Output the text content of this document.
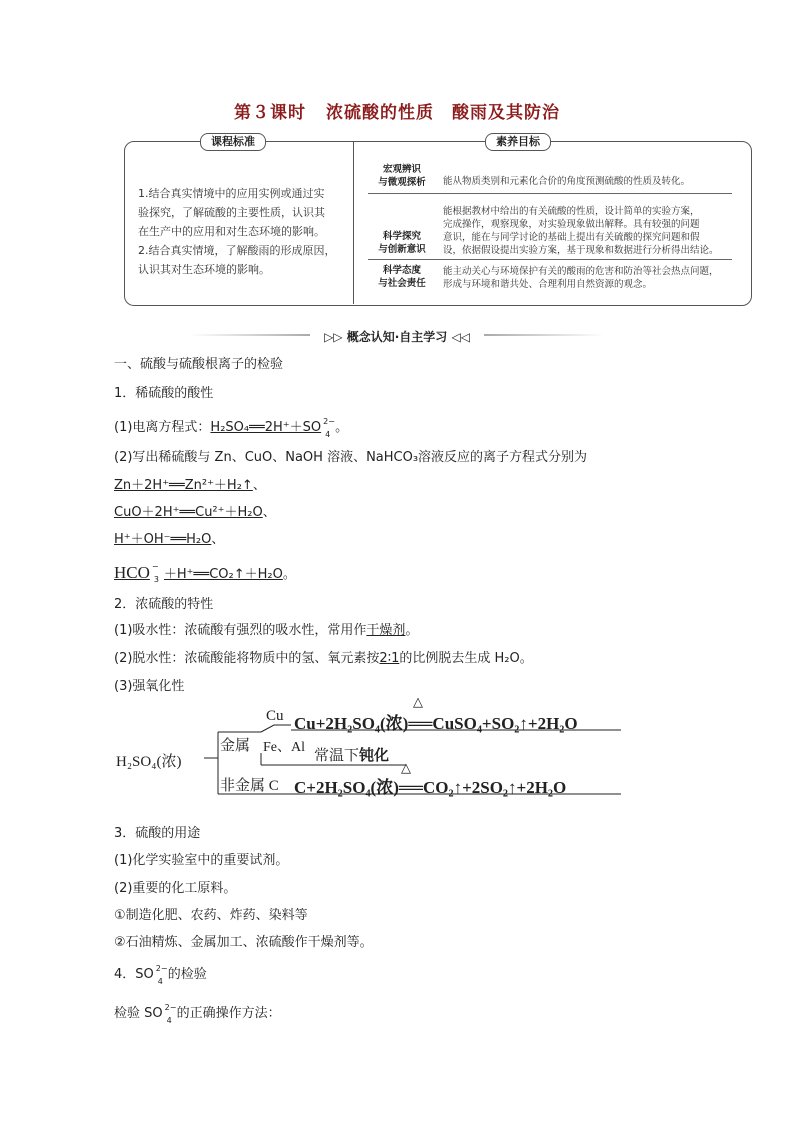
第３课时 浓硫酸的性质　酸雨及其防治
课程标准	素养目标
1.结合真实情境中的应用实例或通过实
验探究，了解硫酸的主要性质，认识其
在生产中的应用和对生态环境的影响。
2.结合真实情境，了解酸雨的形成原因，
认识其对生态环境的影响。
宏观辨识
与微观探析	能从物质类别和元素化合价的角度预测硫酸的性质及转化。
科学探究
与创新意识
能根据教材中给出的有关硫酸的性质，设计简单的实验方案，
完成操作，观察现象，对实验现象做出解释。具有较强的问题
意识，能在与同学讨论的基础上提出有关硫酸的探究问题和假
设，依据假设提出实验方案，基于现象和数据进行分析得出结论。
科学态度
与社会责任
能主动关心与环境保护有关的酸雨的危害和防治等社会热点问题，
形成与环境和谐共处、合理利用自然资源的观念。
▷▷ 概念认知·自主学习 ◁◁
一、硫酸与硫酸根离子的检验
1．稀硫酸的酸性
(1)电离方程式：H₂SO₄══2H⁺＋SO 2−
4 。
(2)写出稀硫酸与 Zn、CuO、NaOH 溶液、NaHCO₃溶液反应的离子方程式分别为
Zn＋2H⁺══Zn²⁺＋H₂↑、
CuO＋2H⁺══Cu²⁺＋H₂O、
H⁺＋OH⁻══H₂O、
HCO −
3 ＋H⁺══CO₂↑＋H₂O。
2．浓硫酸的特性
(1)吸水性：浓硫酸有强烈的吸水性，常用作干燥剂。
(2)脱水性：浓硫酸能将物质中的氢、氧元素按2∶1的比例脱去生成 H₂O。
(3)强氧化性
H₂SO₄(浓)
Cu Cu+2H₂SO₄(浓)══CuSO₄+SO₂↑+2H₂O
△
金属 Fe、Al 常温下钝化
非金属 C C+2H₂SO₄(浓)══CO₂↑+2SO₂↑+2H₂O
△
3．硫酸的用途
(1)化学实验室中的重要试剂。
(2)重要的化工原料。
①制造化肥、农药、炸药、染料等
②石油精炼、金属加工、浓硫酸作干燥剂等。
4．SO 2−
4 的检验
检验 SO 2−
4 的正确操作方法：
